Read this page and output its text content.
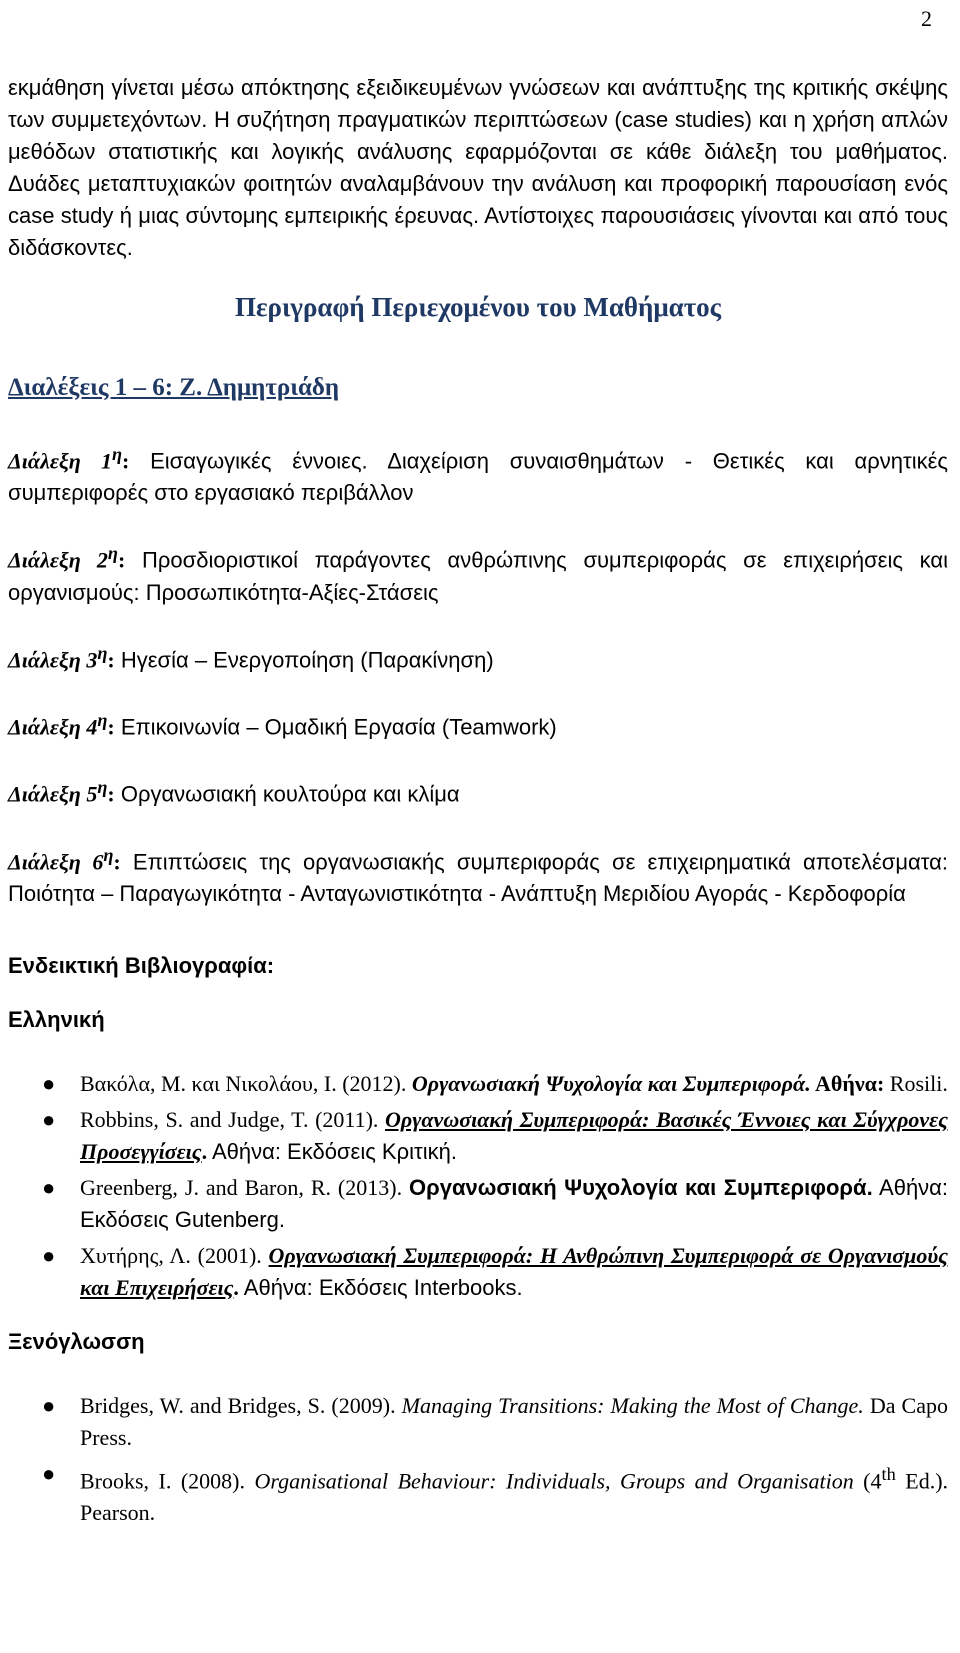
2

εκμάθηση γίνεται μέσω απόκτησης εξειδικευμένων γνώσεων και ανάπτυξης της κριτικής σκέψης των συμμετεχόντων. Η συζήτηση πραγματικών περιπτώσεων (case studies) και η χρήση απλών μεθόδων στατιστικής και λογικής ανάλυσης εφαρμόζονται σε κάθε διάλεξη του μαθήματος. Δυάδες μεταπτυχιακών φοιτητών αναλαμβάνουν την ανάλυση και προφορική παρουσίαση ενός case study ή μιας σύντομης εμπειρικής έρευνας. Αντίστοιχες παρουσιάσεις γίνονται και από τους διδάσκοντες.

Περιγραφή Περιεχομένου του Μαθήματος

Διαλέξεις 1 – 6: Ζ. Δημητριάδη

Διάλεξη $1^\eta$: Εισαγωγικές έννοιες. Διαχείριση συναισθημάτων - Θετικές και αρνητικές συμπεριφορές στο εργασιακό περιβάλλον

Διάλεξη $2^\eta$: Προσδιοριστικοί παράγοντες ανθρώπινης συμπεριφοράς σε επιχειρήσεις και οργανισμούς: Προσωπικότητα-Αξίες-Στάσεις

Διάλεξη $3^\eta$: Ηγεσία – Ενεργοποίηση (Παρακίνηση)

Διάλεξη $4^\eta$: Επικοινωνία – Ομαδική Εργασία (Teamwork)

Διάλεξη $5^\eta$: Οργανωσιακή κουλτούρα και κλίμα

Διάλεξη $6^\eta$: Επιπτώσεις της οργανωσιακής συμπεριφοράς σε επιχειρηματικά αποτελέσματα: Ποιότητα – Παραγωγικότητα - Ανταγωνιστικότητα - Ανάπτυξη Μεριδίου Αγοράς - Κερδοφορία

Ενδεικτική Βιβλιογραφία:

Ελληνική

● Βακόλα, Μ. και Νικολάου, Ι. (2012). Οργανωσιακή Ψυχολογία και Συμπεριφορά. Αθήνα: Rosili.
● Robbins, S. and Judge, T. (2011). Οργανωσιακή Συμπεριφορά: Βασικές Έννοιες και Σύγχρονες Προσεγγίσεις. Αθήνα: Εκδόσεις Κριτική.
● Greenberg, J. and Baron, R. (2013). Οργανωσιακή Ψυχολογία και Συμπεριφορά. Αθήνα: Εκδόσεις Gutenberg.
● Χυτήρης, Λ. (2001). Οργανωσιακή Συμπεριφορά: Η Ανθρώπινη Συμπεριφορά σε Οργανισμούς και Επιχειρήσεις. Αθήνα: Εκδόσεις Interbooks.

Ξενόγλωσση

● Bridges, W. and Bridges, S. (2009). Managing Transitions: Making the Most of Change. Da Capo Press.
● Brooks, I. (2008). Organisational Behaviour: Individuals, Groups and Organisation (4th Ed.). Pearson.
